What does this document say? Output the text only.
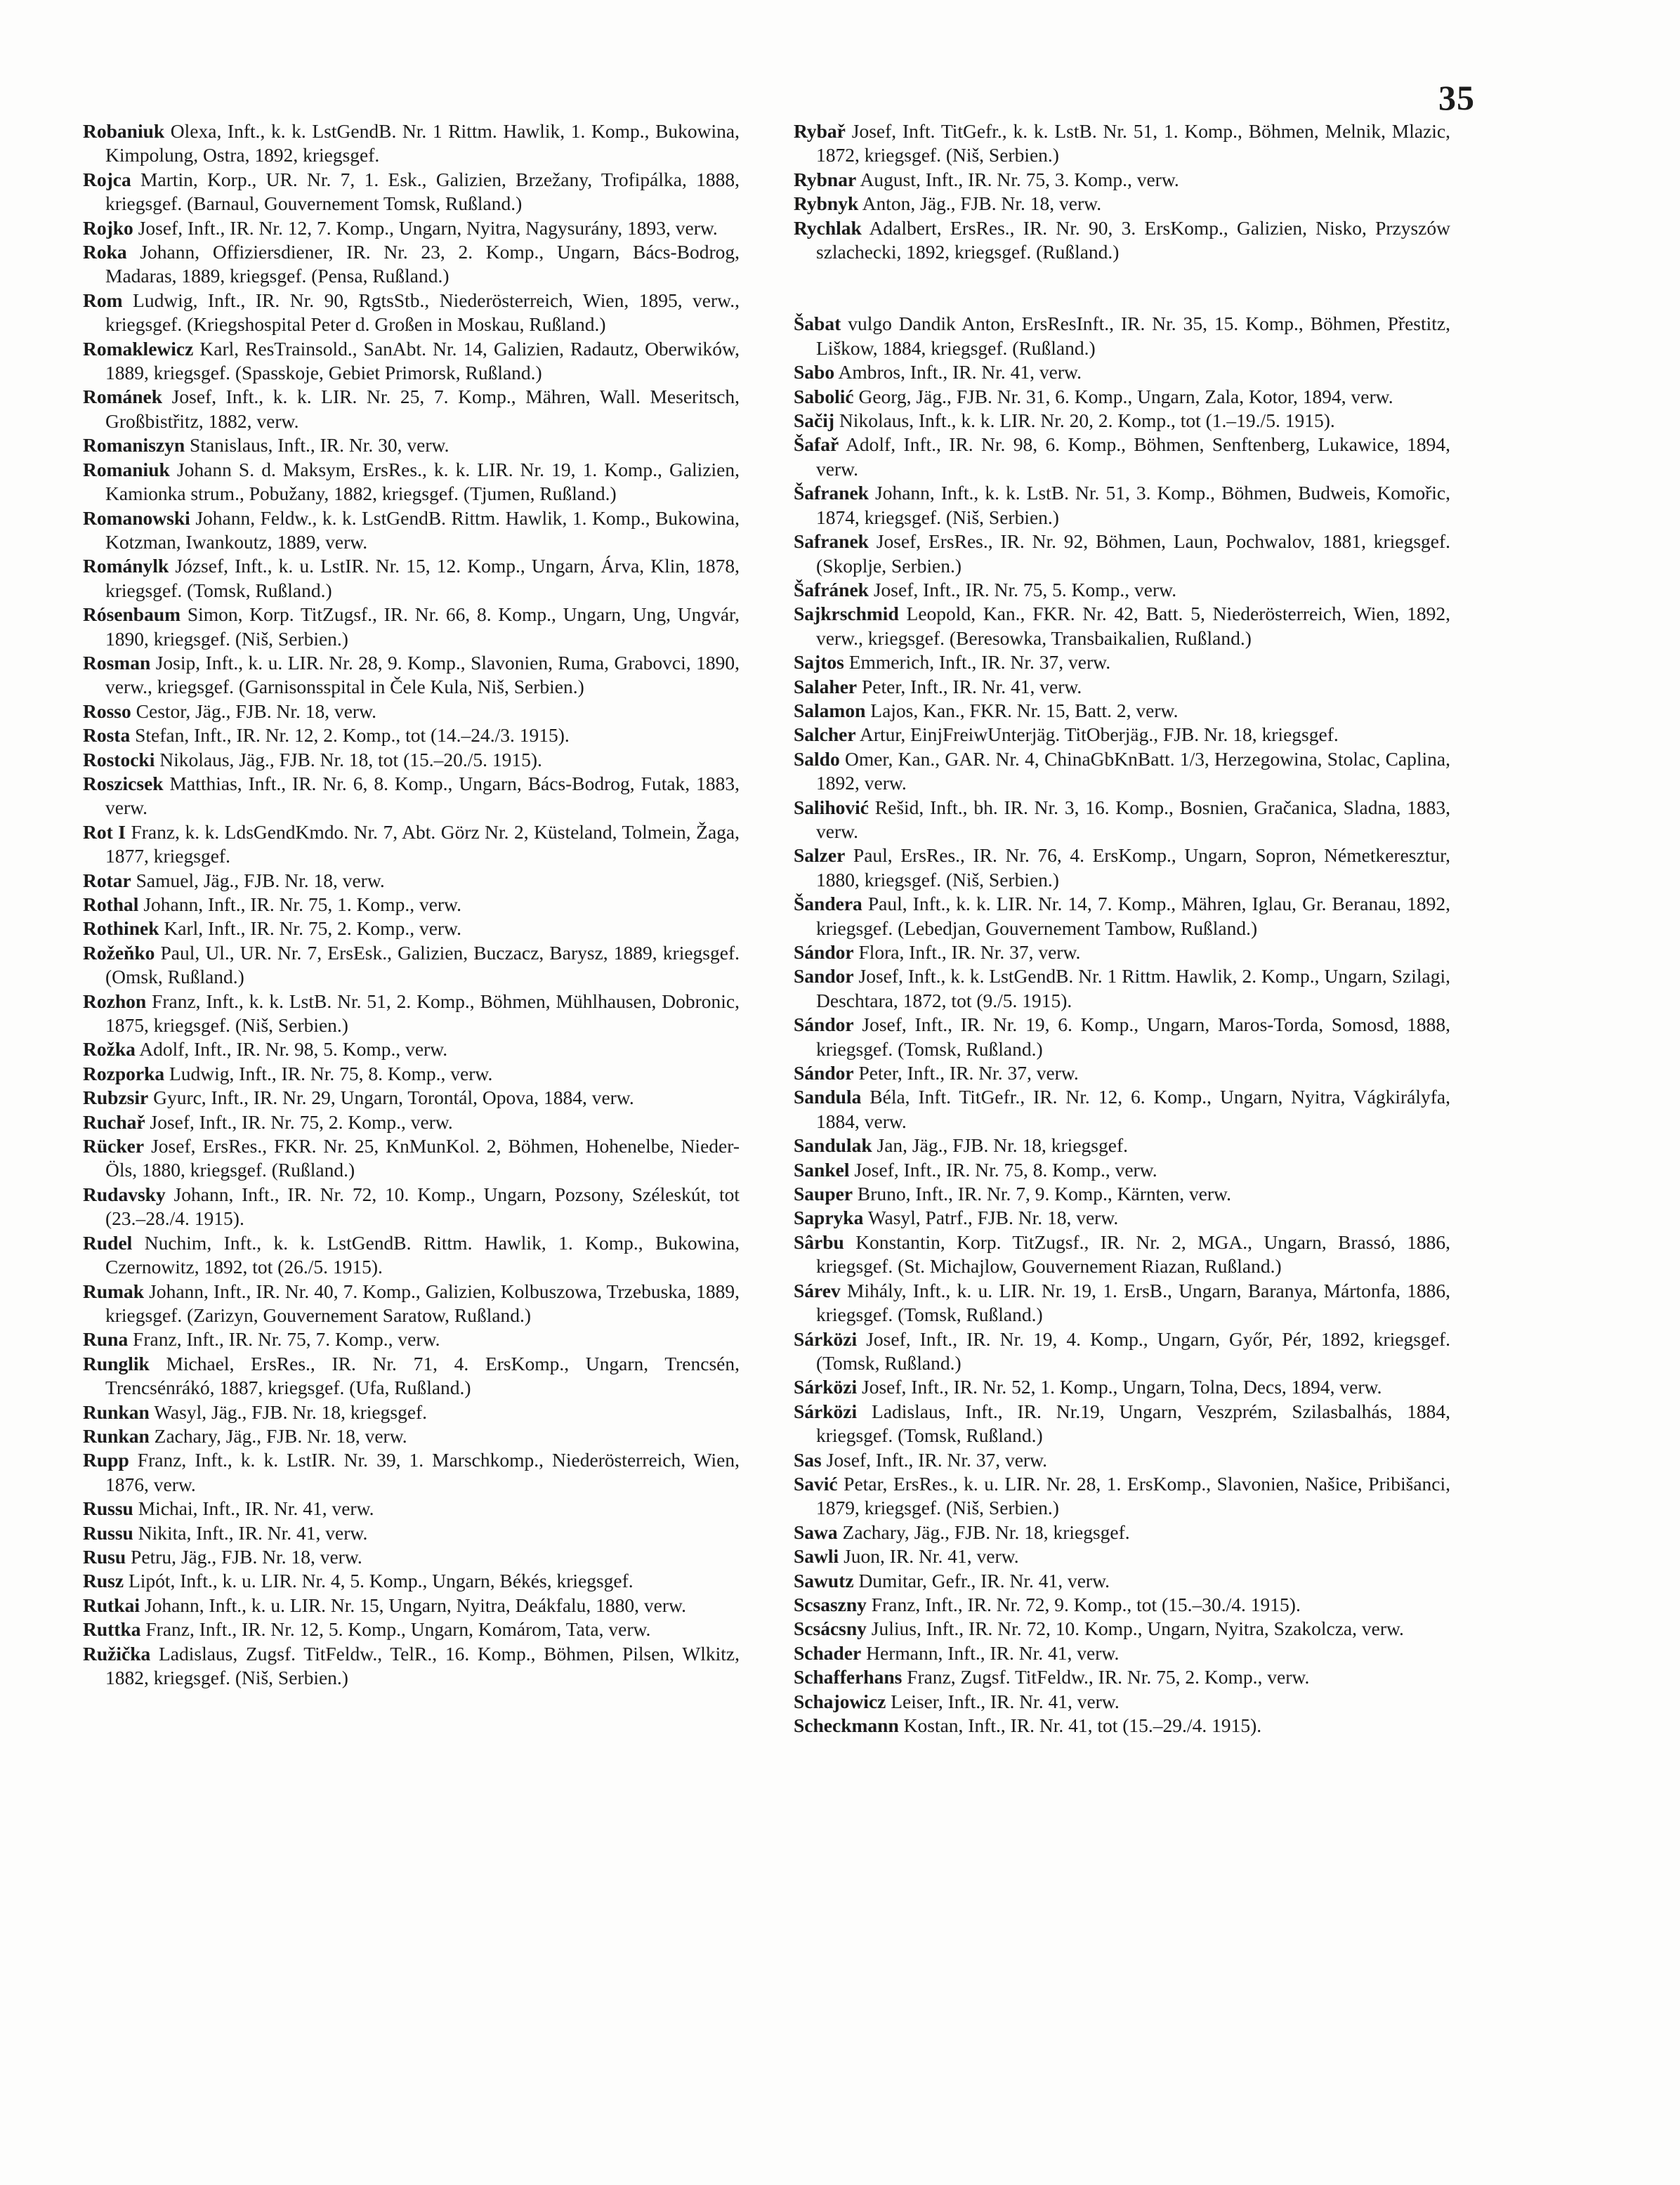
35

Robaniuk Olexa, Inft., k. k. LstGendB. Nr. 1 Rittm. Hawlik, 1. Komp., Bukowina, Kimpolung, Ostra, 1892, kriegsgef.

Rojca Martin, Korp., UR. Nr. 7, 1. Esk., Galizien, Brzežany, Trofipálka, 1888, kriegsgef. (Barnaul, Gouvernement Tomsk, Rußland.)

Rojko Josef, Inft., IR. Nr. 12, 7. Komp., Ungarn, Nyitra, Nagysurány, 1893, verw.

Roka Johann, Offiziersdiener, IR. Nr. 23, 2. Komp., Ungarn, Bács-Bodrog, Madaras, 1889, kriegsgef. (Pensa, Rußland.)

Rom Ludwig, Inft., IR. Nr. 90, RgtsStb., Niederösterreich, Wien, 1895, verw., kriegsgef. (Kriegshospital Peter d. Großen in Moskau, Rußland.)

Romaklewicz Karl, ResTrainsold., SanAbt. Nr. 14, Galizien, Radautz, Oberwików, 1889, kriegsgef. (Spasskoje, Gebiet Primorsk, Rußland.)

Románek Josef, Inft., k. k. LIR. Nr. 25, 7. Komp., Mähren, Wall. Meseritsch, Großbistřitz, 1882, verw.

Romaniszyn Stanislaus, Inft., IR. Nr. 30, verw.

Romaniuk Johann S. d. Maksym, ErsRes., k. k. LIR. Nr. 19, 1. Komp., Galizien, Kamionka strum., Pobužany, 1882, kriegsgef. (Tjumen, Rußland.)

Romanowski Johann, Feldw., k. k. LstGendB. Rittm. Hawlik, 1. Komp., Bukowina, Kotzman, Iwankoutz, 1889, verw.

Románylk József, Inft., k. u. LstIR. Nr. 15, 12. Komp., Ungarn, Árva, Klin, 1878, kriegsgef. (Tomsk, Rußland.)

Rósenbaum Simon, Korp. TitZugsf., IR. Nr. 66, 8. Komp., Ungarn, Ung, Ungvár, 1890, kriegsgef. (Niš, Serbien.)

Rosman Josip, Inft., k. u. LIR. Nr. 28, 9. Komp., Slavonien, Ruma, Grabovci, 1890, verw., kriegsgef. (Garnisonsspital in Čele Kula, Niš, Serbien.)

Rosso Cestor, Jäg., FJB. Nr. 18, verw.

Rosta Stefan, Inft., IR. Nr. 12, 2. Komp., tot (14.–24./3. 1915).

Rostocki Nikolaus, Jäg., FJB. Nr. 18, tot (15.–20./5. 1915).

Roszicsek Matthias, Inft., IR. Nr. 6, 8. Komp., Ungarn, Bács-Bodrog, Futak, 1883, verw.

Rot I Franz, k. k. LdsGendKmdo. Nr. 7, Abt. Görz Nr. 2, Küsteland, Tolmein, Žaga, 1877, kriegsgef.

Rotar Samuel, Jäg., FJB. Nr. 18, verw.

Rothal Johann, Inft., IR. Nr. 75, 1. Komp., verw.

Rothinek Karl, Inft., IR. Nr. 75, 2. Komp., verw.

Rožeňko Paul, Ul., UR. Nr. 7, ErsEsk., Galizien, Buczacz, Barysz, 1889, kriegsgef. (Omsk, Rußland.)

Rozhon Franz, Inft., k. k. LstB. Nr. 51, 2. Komp., Böhmen, Mühlhausen, Dobronic, 1875, kriegsgef. (Niš, Serbien.)

Rožka Adolf, Inft., IR. Nr. 98, 5. Komp., verw.

Rozporka Ludwig, Inft., IR. Nr. 75, 8. Komp., verw.

Rubzsir Gyurc, Inft., IR. Nr. 29, Ungarn, Torontál, Opova, 1884, verw.

Ruchař Josef, Inft., IR. Nr. 75, 2. Komp., verw.

Rücker Josef, ErsRes., FKR. Nr. 25, KnMunKol. 2, Böhmen, Hohenelbe, Nieder-Öls, 1880, kriegsgef. (Rußland.)

Rudavsky Johann, Inft., IR. Nr. 72, 10. Komp., Ungarn, Pozsony, Széleskút, tot (23.–28./4. 1915).

Rudel Nuchim, Inft., k. k. LstGendB. Rittm. Hawlik, 1. Komp., Bukowina, Czernowitz, 1892, tot (26./5. 1915).

Rumak Johann, Inft., IR. Nr. 40, 7. Komp., Galizien, Kolbuszowa, Trzebuska, 1889, kriegsgef. (Zarizyn, Gouvernement Saratow, Rußland.)

Runa Franz, Inft., IR. Nr. 75, 7. Komp., verw.

Runglik Michael, ErsRes., IR. Nr. 71, 4. ErsKomp., Ungarn, Trencsén, Trencsénrákó, 1887, kriegsgef. (Ufa, Rußland.)

Runkan Wasyl, Jäg., FJB. Nr. 18, kriegsgef.

Runkan Zachary, Jäg., FJB. Nr. 18, verw.

Rupp Franz, Inft., k. k. LstIR. Nr. 39, 1. Marschkomp., Niederösterreich, Wien, 1876, verw.

Russu Michai, Inft., IR. Nr. 41, verw.

Russu Nikita, Inft., IR. Nr. 41, verw.

Rusu Petru, Jäg., FJB. Nr. 18, verw.

Rusz Lipót, Inft., k. u. LIR. Nr. 4, 5. Komp., Ungarn, Békés, kriegsgef.

Rutkai Johann, Inft., k. u. LIR. Nr. 15, Ungarn, Nyitra, Deákfalu, 1880, verw.

Ruttka Franz, Inft., IR. Nr. 12, 5. Komp., Ungarn, Komárom, Tata, verw.

Ružička Ladislaus, Zugsf. TitFeldw., TelR., 16. Komp., Böhmen, Pilsen, Wlkitz, 1882, kriegsgef. (Niš, Serbien.)

Rybař Josef, Inft. TitGefr., k. k. LstB. Nr. 51, 1. Komp., Böhmen, Melnik, Mlazic, 1872, kriegsgef. (Niš, Serbien.)

Rybnar August, Inft., IR. Nr. 75, 3. Komp., verw.

Rybnyk Anton, Jäg., FJB. Nr. 18, verw.

Rychlak Adalbert, ErsRes., IR. Nr. 90, 3. ErsKomp., Galizien, Nisko, Przyszów szlachecki, 1892, kriegsgef. (Rußland.)

Šabat vulgo Dandik Anton, ErsResInft., IR. Nr. 35, 15. Komp., Böhmen, Přestitz, Liškow, 1884, kriegsgef. (Rußland.)

Sabo Ambros, Inft., IR. Nr. 41, verw.

Sabolić Georg, Jäg., FJB. Nr. 31, 6. Komp., Ungarn, Zala, Kotor, 1894, verw.

Sačij Nikolaus, Inft., k. k. LIR. Nr. 20, 2. Komp., tot (1.–19./5. 1915).

Šafař Adolf, Inft., IR. Nr. 98, 6. Komp., Böhmen, Senftenberg, Lukawice, 1894, verw.

Šafranek Johann, Inft., k. k. LstB. Nr. 51, 3. Komp., Böhmen, Budweis, Komořic, 1874, kriegsgef. (Niš, Serbien.)

Safranek Josef, ErsRes., IR. Nr. 92, Böhmen, Laun, Pochwalov, 1881, kriegsgef. (Skoplje, Serbien.)

Šafránek Josef, Inft., IR. Nr. 75, 5. Komp., verw.

Sajkrschmid Leopold, Kan., FKR. Nr. 42, Batt. 5, Niederösterreich, Wien, 1892, verw., kriegsgef. (Beresowka, Transbaikalien, Rußland.)

Sajtos Emmerich, Inft., IR. Nr. 37, verw.

Salaher Peter, Inft., IR. Nr. 41, verw.

Salamon Lajos, Kan., FKR. Nr. 15, Batt. 2, verw.

Salcher Artur, EinjFreiwUnterjäg. TitOberjäg., FJB. Nr. 18, kriegsgef.

Saldo Omer, Kan., GAR. Nr. 4, ChinaGbKnBatt. 1/3, Herzegowina, Stolac, Caplina, 1892, verw.

Salihović Rešid, Inft., bh. IR. Nr. 3, 16. Komp., Bosnien, Gračanica, Sladna, 1883, verw.

Salzer Paul, ErsRes., IR. Nr. 76, 4. ErsKomp., Ungarn, Sopron, Németkeresztur, 1880, kriegsgef. (Niš, Serbien.)

Šandera Paul, Inft., k. k. LIR. Nr. 14, 7. Komp., Mähren, Iglau, Gr. Beranau, 1892, kriegsgef. (Lebedjan, Gouvernement Tambow, Rußland.)

Sándor Flora, Inft., IR. Nr. 37, verw.

Sandor Josef, Inft., k. k. LstGendB. Nr. 1 Rittm. Hawlik, 2. Komp., Ungarn, Szilagi, Deschtara, 1872, tot (9./5. 1915).

Sándor Josef, Inft., IR. Nr. 19, 6. Komp., Ungarn, Maros-Torda, Somosd, 1888, kriegsgef. (Tomsk, Rußland.)

Sándor Peter, Inft., IR. Nr. 37, verw.

Sandula Béla, Inft. TitGefr., IR. Nr. 12, 6. Komp., Ungarn, Nyitra, Vágkirályfa, 1884, verw.

Sandulak Jan, Jäg., FJB. Nr. 18, kriegsgef.

Sankel Josef, Inft., IR. Nr. 75, 8. Komp., verw.

Sauper Bruno, Inft., IR. Nr. 7, 9. Komp., Kärnten, verw.

Sapryka Wasyl, Patrf., FJB. Nr. 18, verw.

Sârbu Konstantin, Korp. TitZugsf., IR. Nr. 2, MGA., Ungarn, Brassó, 1886, kriegsgef. (St. Michajlow, Gouvernement Riazan, Rußland.)

Sárev Mihály, Inft., k. u. LIR. Nr. 19, 1. ErsB., Ungarn, Baranya, Mártonfa, 1886, kriegsgef. (Tomsk, Rußland.)

Sárközi Josef, Inft., IR. Nr. 19, 4. Komp., Ungarn, Győr, Pér, 1892, kriegsgef. (Tomsk, Rußland.)

Sárközi Josef, Inft., IR. Nr. 52, 1. Komp., Ungarn, Tolna, Decs, 1894, verw.

Sárközi Ladislaus, Inft., IR. Nr.19, Ungarn, Veszprém, Szilasbalhás, 1884, kriegsgef. (Tomsk, Rußland.)

Sas Josef, Inft., IR. Nr. 37, verw.

Savić Petar, ErsRes., k. u. LIR. Nr. 28, 1. ErsKomp., Slavonien, Našice, Pribišanci, 1879, kriegsgef. (Niš, Serbien.)

Sawa Zachary, Jäg., FJB. Nr. 18, kriegsgef.

Sawli Juon, IR. Nr. 41, verw.

Sawutz Dumitar, Gefr., IR. Nr. 41, verw.

Scsaszny Franz, Inft., IR. Nr. 72, 9. Komp., tot (15.–30./4. 1915).

Scsácsny Julius, Inft., IR. Nr. 72, 10. Komp., Ungarn, Nyitra, Szakolcza, verw.

Schader Hermann, Inft., IR. Nr. 41, verw.

Schafferhans Franz, Zugsf. TitFeldw., IR. Nr. 75, 2. Komp., verw.

Schajowicz Leiser, Inft., IR. Nr. 41, verw.

Scheckmann Kostan, Inft., IR. Nr. 41, tot (15.–29./4. 1915).
